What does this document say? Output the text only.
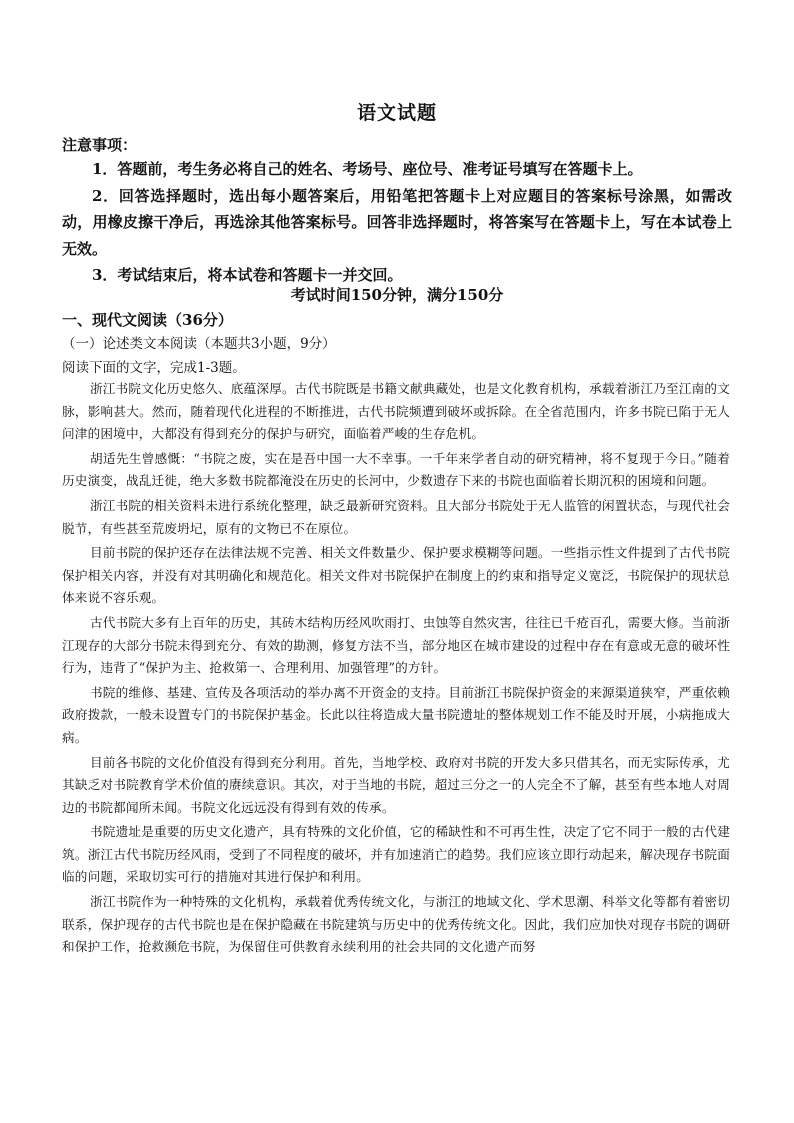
语文试题
注意事项：

1．答题前，考生务必将自己的姓名、考场号、座位号、准考证号填写在答题卡上。

2．回答选择题时，选出每小题答案后，用铅笔把答题卡上对应题目的答案标号涂黑，如需改动，用橡皮擦干净后，再选涂其他答案标号。回答非选择题时，将答案写在答题卡上，写在本试卷上无效。

3．考试结束后，将本试卷和答题卡一并交回。

考试时间150分钟，满分150分
一、现代文阅读（36分）
（一）论述类文本阅读（本题共3小题，9分）
阅读下面的文字，完成1-3题。

浙江书院文化历史悠久、底蕴深厚。古代书院既是书籍文献典藏处，也是文化教育机构，承载着浙江乃至江南的文脉，影响甚大。然而，随着现代化进程的不断推进，古代书院频遭到破坏或拆除。在全省范围内，许多书院已陷于无人问津的困境中，大都没有得到充分的保护与研究，面临着严峻的生存危机。

胡适先生曾感慨：“书院之废，实在是吾中国一大不幸事。一千年来学者自动的研究精神，将不复现于今日。”随着历史演变，战乱迁徙，绝大多数书院都淹没在历史的长河中，少数遗存下来的书院也面临着长期沉积的困境和问题。

浙江书院的相关资料未进行系统化整理，缺乏最新研究资料。且大部分书院处于无人监管的闲置状态，与现代社会脱节，有些甚至荒废坍圮，原有的文物已不在原位。

目前书院的保护还存在法律法规不完善、相关文件数量少、保护要求模糊等问题。一些指示性文件提到了古代书院保护相关内容，并没有对其明确化和规范化。相关文件对书院保护在制度上的约束和指导定义宽泛，书院保护的现状总体来说不容乐观。

古代书院大多有上百年的历史，其砖木结构历经风吹雨打、虫蚀等自然灾害，往往已千疮百孔，需要大修。当前浙江现存的大部分书院未得到充分、有效的勘测，修复方法不当，部分地区在城市建设的过程中存在有意或无意的破坏性行为，违背了“保护为主、抢救第一、合理利用、加强管理”的方针。

书院的维修、基建、宣传及各项活动的举办离不开资金的支持。目前浙江书院保护资金的来源渠道狭窄，严重依赖政府拨款，一般未设置专门的书院保护基金。长此以往将造成大量书院遗址的整体规划工作不能及时开展，小病拖成大病。

目前各书院的文化价值没有得到充分利用。首先，当地学校、政府对书院的开发大多只借其名，而无实际传承，尤其缺乏对书院教育学术价值的赓续意识。其次，对于当地的书院，超过三分之一的人完全不了解，甚至有些本地人对周边的书院都闻所未闻。书院文化远远没有得到有效的传承。

书院遗址是重要的历史文化遗产，具有特殊的文化价值，它的稀缺性和不可再生性，决定了它不同于一般的古代建筑。浙江古代书院历经风雨，受到了不同程度的破坏，并有加速消亡的趋势。我们应该立即行动起来，解决现存书院面临的问题，采取切实可行的措施对其进行保护和利用。

浙江书院作为一种特殊的文化机构，承载着优秀传统文化，与浙江的地域文化、学术思潮、科举文化等都有着密切联系，保护现存的古代书院也是在保护隐藏在书院建筑与历史中的优秀传统文化。因此，我们应加快对现存书院的调研和保护工作，抢救濒危书院，为保留住可供教育永续利用的社会共同的文化遗产而努
